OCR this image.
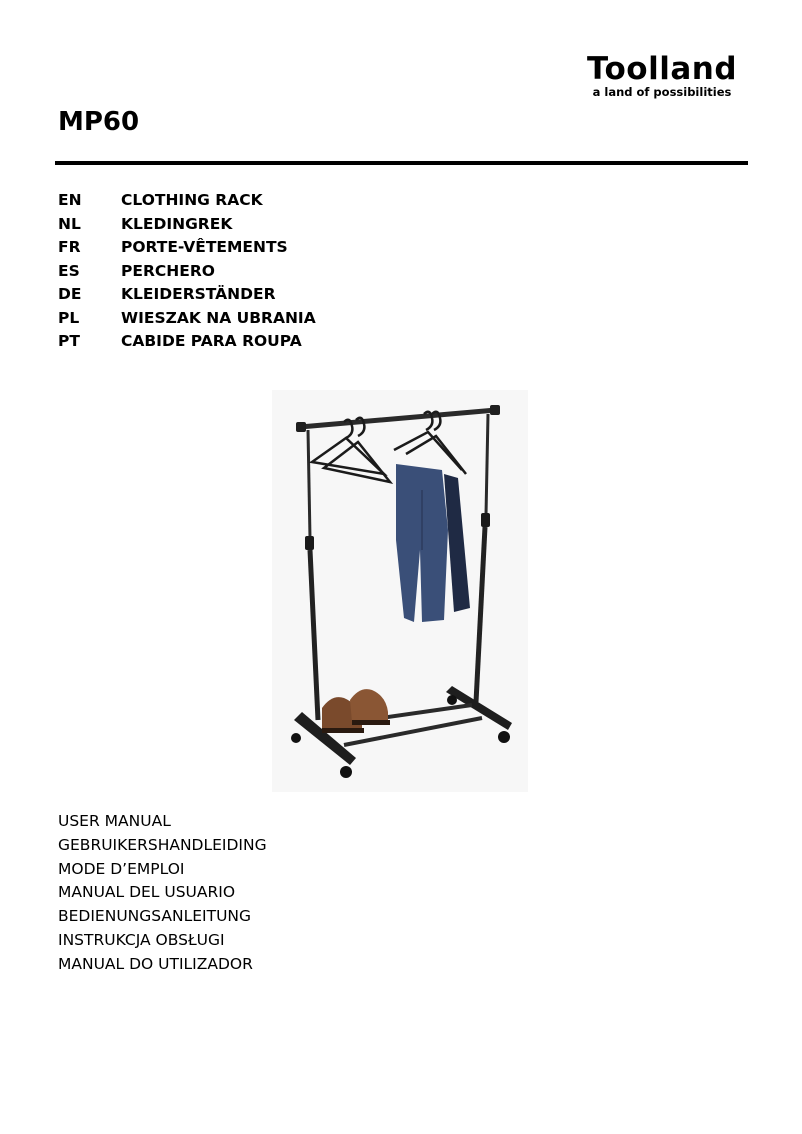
Toolland
a land of possibilities
MP60
EN	CLOTHING RACK
NL	KLEDINGREK
FR	PORTE-VÊTEMENTS
ES	PERCHERO
DE	KLEIDERSTÄNDER
PL	WIESZAK NA UBRANIA
PT	CABIDE PARA ROUPA
USER MANUAL
GEBRUIKERSHANDLEIDING
MODE D’EMPLOI
MANUAL DEL USUARIO
BEDIENUNGSANLEITUNG
INSTRUKCJA OBSŁUGI
MANUAL DO UTILIZADOR
